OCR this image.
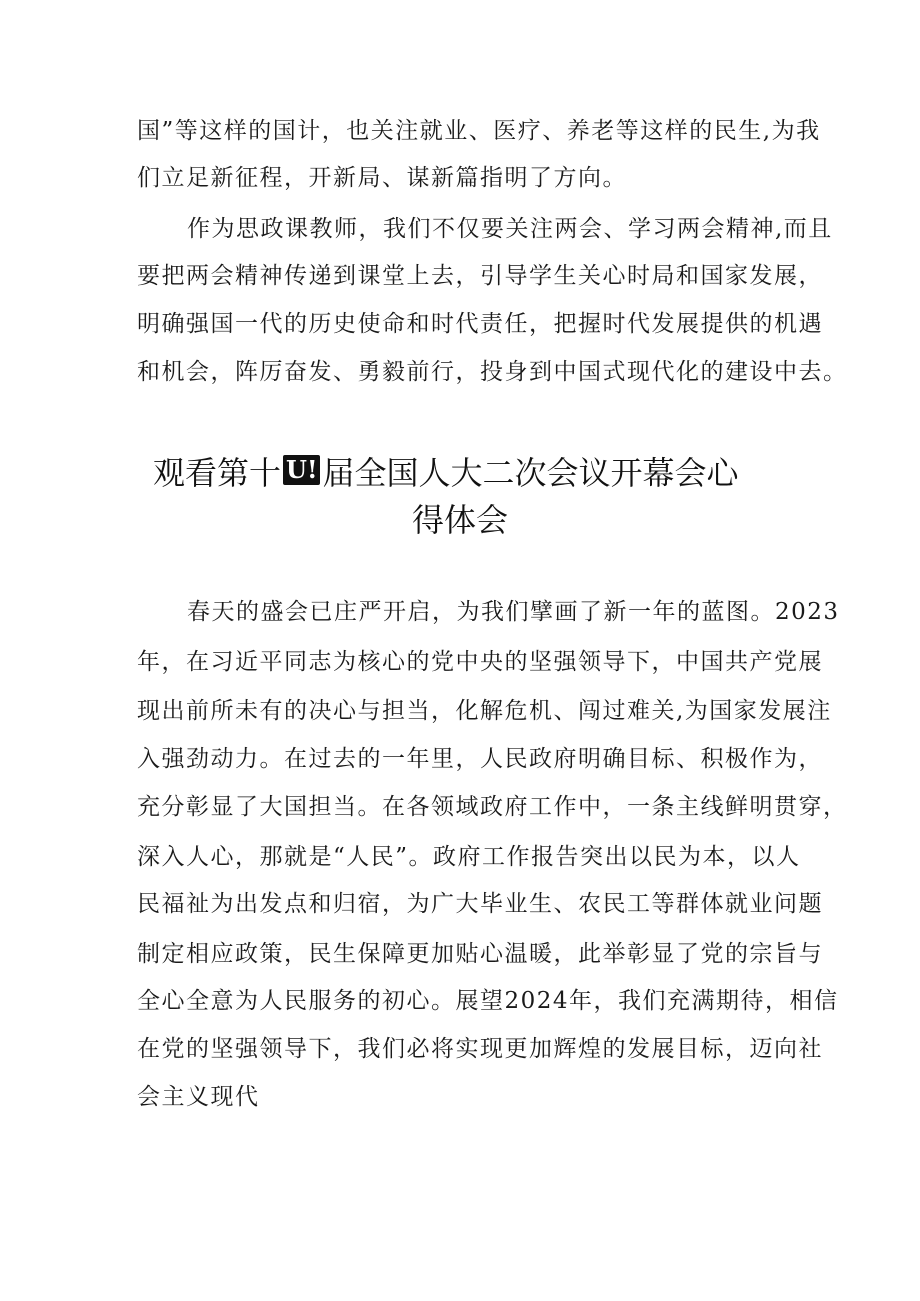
国”等这样的国计，也关注就业、医疗、养老等这样的民生,为我
们立足新征程，开新局、谋新篇指明了方向。
作为思政课教师，我们不仅要关注两会、学习两会精神,而且
要把两会精神传递到课堂上去，引导学生关心时局和国家发展，
明确强国一代的历史使命和时代责任，把握时代发展提供的机遇
和机会，阵厉奋发、勇毅前行，投身到中国式现代化的建设中去。
观看第十 U! 届全国人大二次会议开幕会心
得体会
春天的盛会已庄严开启，为我们擘画了新一年的蓝图。2023
年，在习近平同志为核心的党中央的坚强领导下，中国共产党展
现出前所未有的决心与担当，化解危机、闯过难关,为国家发展注
入强劲动力。在过去的一年里，人民政府明确目标、积极作为，
充分彰显了大国担当。在各领域政府工作中，一条主线鲜明贯穿，
深入人心，那就是“人民”。政府工作报告突出以民为本，以人
民福祉为出发点和归宿，为广大毕业生、农民工等群体就业问题
制定相应政策，民生保障更加贴心温暖，此举彰显了党的宗旨与
全心全意为人民服务的初心。展望2024年，我们充满期待，相信
在党的坚强领导下，我们必将实现更加辉煌的发展目标，迈向社
会主义现代
